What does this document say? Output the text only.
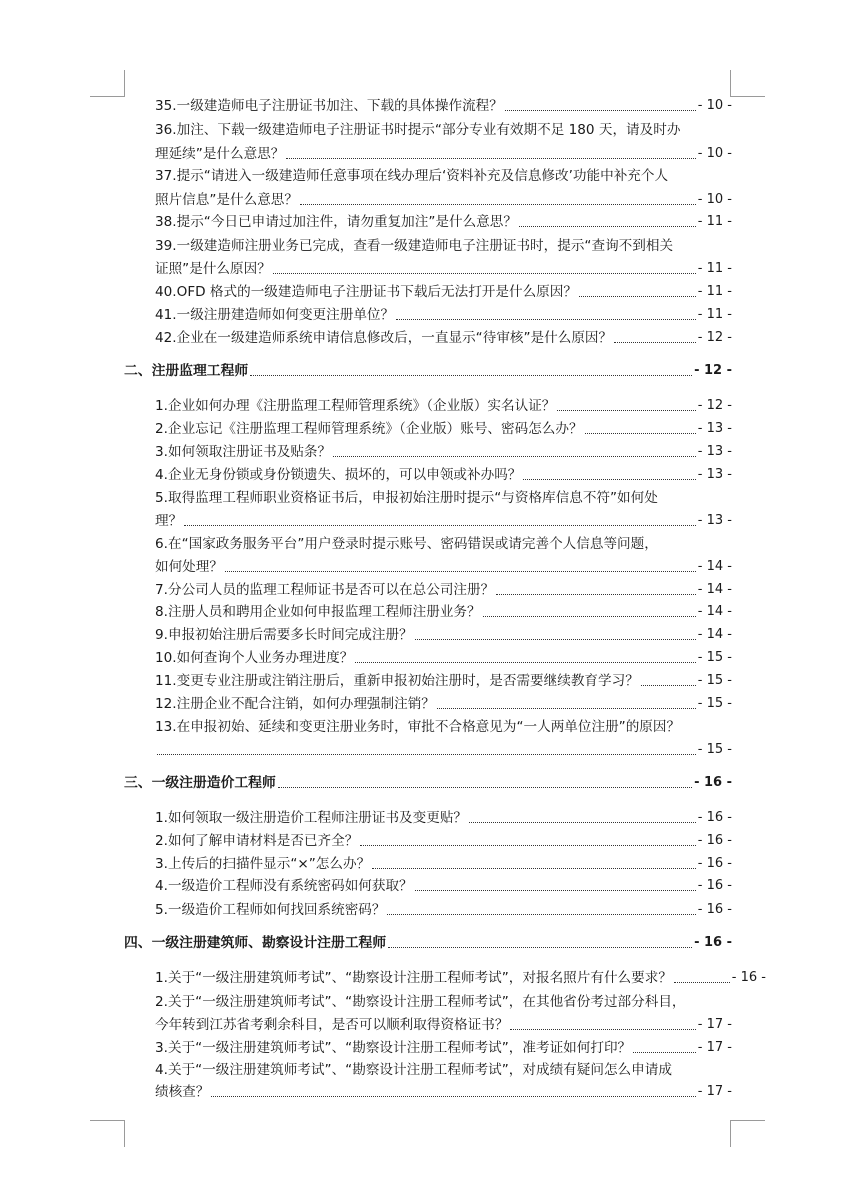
35.一级建造师电子注册证书加注、下载的具体操作流程？	- 10 -
36.加注、下载一级建造师电子注册证书时提示“部分专业有效期不足 180 天，请及时办
理延续”是什么意思？	- 10 -
37.提示“请进入一级建造师任意事项在线办理后‘资料补充及信息修改’功能中补充个人
照片信息”是什么意思？	- 10 -
38.提示“今日已申请过加注件，请勿重复加注”是什么意思？	- 11 -
39.一级建造师注册业务已完成，查看一级建造师电子注册证书时，提示“查询不到相关
证照”是什么原因？	- 11 -
40.OFD 格式的一级建造师电子注册证书下载后无法打开是什么原因？	- 11 -
41.一级注册建造师如何变更注册单位？	- 11 -
42.企业在一级建造师系统申请信息修改后，一直显示“待审核”是什么原因？	- 12 -
二、注册监理工程师	- 12 -
1.企业如何办理《注册监理工程师管理系统》（企业版）实名认证？	- 12 -
2.企业忘记《注册监理工程师管理系统》（企业版）账号、密码怎么办？	- 13 -
3.如何领取注册证书及贴条？	- 13 -
4.企业无身份锁或身份锁遗失、损坏的，可以申领或补办吗？	- 13 -
5.取得监理工程师职业资格证书后，申报初始注册时提示“与资格库信息不符”如何处
理？	- 13 -
6.在“国家政务服务平台”用户登录时提示账号、密码错误或请完善个人信息等问题，
如何处理？	- 14 -
7.分公司人员的监理工程师证书是否可以在总公司注册？	- 14 -
8.注册人员和聘用企业如何申报监理工程师注册业务？	- 14 -
9.申报初始注册后需要多长时间完成注册？	- 14 -
10.如何查询个人业务办理进度？	- 15 -
11.变更专业注册或注销注册后，重新申报初始注册时，是否需要继续教育学习？	- 15 -
12.注册企业不配合注销，如何办理强制注销？	- 15 -
13.在申报初始、延续和变更注册业务时，审批不合格意见为“一人两单位注册”的原因？
- 15 -
三、一级注册造价工程师	- 16 -
1.如何领取一级注册造价工程师注册证书及变更贴？	- 16 -
2.如何了解申请材料是否已齐全？	- 16 -
3.上传后的扫描件显示“×”怎么办？	- 16 -
4.一级造价工程师没有系统密码如何获取？	- 16 -
5.一级造价工程师如何找回系统密码？	- 16 -
四、一级注册建筑师、勘察设计注册工程师	- 16 -
1.关于“一级注册建筑师考试”、“勘察设计注册工程师考试”，对报名照片有什么要求？	- 16 -
2.关于“一级注册建筑师考试”、“勘察设计注册工程师考试”，在其他省份考过部分科目，
今年转到江苏省考剩余科目，是否可以顺利取得资格证书？	- 17 -
3.关于“一级注册建筑师考试”、“勘察设计注册工程师考试”，准考证如何打印？	- 17 -
4.关于“一级注册建筑师考试”、“勘察设计注册工程师考试”，对成绩有疑问怎么申请成
绩核查？	- 17 -
